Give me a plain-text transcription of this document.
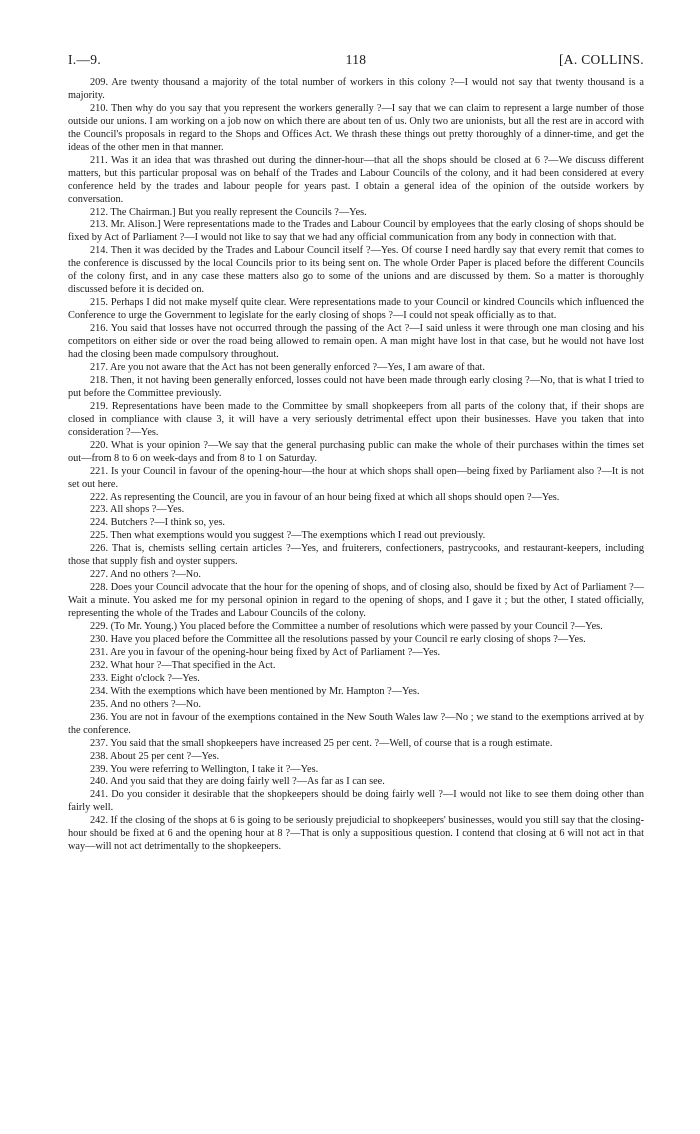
I.—9.	118	[A. COLLINS.

209. Are twenty thousand a majority of the total number of workers in this colony ?—I would not say that twenty thousand is a majority.

210. Then why do you say that you represent the workers generally ?—I say that we can claim to represent a large number of those outside our unions. I am working on a job now on which there are about ten of us. Only two are unionists, but all the rest are in accord with the Council's proposals in regard to the Shops and Offices Act. We thrash these things out pretty thoroughly of a dinner-time, and get the ideas of the other men in that manner.

211. Was it an idea that was thrashed out during the dinner-hour—that all the shops should be closed at 6 ?—We discuss different matters, but this particular proposal was on behalf of the Trades and Labour Councils of the colony, and it had been considered at every conference held by the trades and labour people for years past. I obtain a general idea of the opinion of the outside workers by conversation.

212. The Chairman.] But you really represent the Councils ?—Yes.

213. Mr. Alison.] Were representations made to the Trades and Labour Council by employees that the early closing of shops should be fixed by Act of Parliament ?—I would not like to say that we had any official communication from any body in connection with that.

214. Then it was decided by the Trades and Labour Council itself ?—Yes. Of course I need hardly say that every remit that comes to the conference is discussed by the local Councils prior to its being sent on. The whole Order Paper is placed before the different Councils of the colony first, and in any case these matters also go to some of the unions and are discussed by them. So a matter is thoroughly discussed before it is decided on.

215. Perhaps I did not make myself quite clear. Were representations made to your Council or kindred Councils which influenced the Conference to urge the Government to legislate for the early closing of shops ?—I could not speak officially as to that.

216. You said that losses have not occurred through the passing of the Act ?—I said unless it were through one man closing and his competitors on either side or over the road being allowed to remain open. A man might have lost in that case, but he would not have lost had the closing been made compulsory throughout.

217. Are you not aware that the Act has not been generally enforced ?—Yes, I am aware of that.

218. Then, it not having been generally enforced, losses could not have been made through early closing ?—No, that is what I tried to put before the Committee previously.

219. Representations have been made to the Committee by small shopkeepers from all parts of the colony that, if their shops are closed in compliance with clause 3, it will have a very seriously detrimental effect upon their businesses. Have you taken that into consideration ?—Yes.

220. What is your opinion ?—We say that the general purchasing public can make the whole of their purchases within the times set out—from 8 to 6 on week-days and from 8 to 1 on Saturday.

221. Is your Council in favour of the opening-hour—the hour at which shops shall open—being fixed by Parliament also ?—It is not set out here.

222. As representing the Council, are you in favour of an hour being fixed at which all shops should open ?—Yes.

223. All shops ?—Yes.

224. Butchers ?—I think so, yes.

225. Then what exemptions would you suggest ?—The exemptions which I read out previously.

226. That is, chemists selling certain articles ?—Yes, and fruiterers, confectioners, pastrycooks, and restaurant-keepers, including those that supply fish and oyster suppers.

227. And no others ?—No.

228. Does your Council advocate that the hour for the opening of shops, and of closing also, should be fixed by Act of Parliament ?—Wait a minute. You asked me for my personal opinion in regard to the opening of shops, and I gave it ; but the other, I stated officially, representing the whole of the Trades and Labour Councils of the colony.

229. (To Mr. Young.) You placed before the Committee a number of resolutions which were passed by your Council ?—Yes.

230. Have you placed before the Committee all the resolutions passed by your Council re early closing of shops ?—Yes.

231. Are you in favour of the opening-hour being fixed by Act of Parliament ?—Yes.

232. What hour ?—That specified in the Act.

233. Eight o'clock ?—Yes.

234. With the exemptions which have been mentioned by Mr. Hampton ?—Yes.

235. And no others ?—No.

236. You are not in favour of the exemptions contained in the New South Wales law ?—No ; we stand to the exemptions arrived at by the conference.

237. You said that the small shopkeepers have increased 25 per cent. ?—Well, of course that is a rough estimate.

238. About 25 per cent ?—Yes.

239. You were referring to Wellington, I take it ?—Yes.

240. And you said that they are doing fairly well ?—As far as I can see.

241. Do you consider it desirable that the shopkeepers should be doing fairly well ?—I would not like to see them doing other than fairly well.

242. If the closing of the shops at 6 is going to be seriously prejudicial to shopkeepers' businesses, would you still say that the closing-hour should be fixed at 6 and the opening hour at 8 ?—That is only a suppositious question. I contend that closing at 6 will not act in that way—will not act detrimentally to the shopkeepers.
